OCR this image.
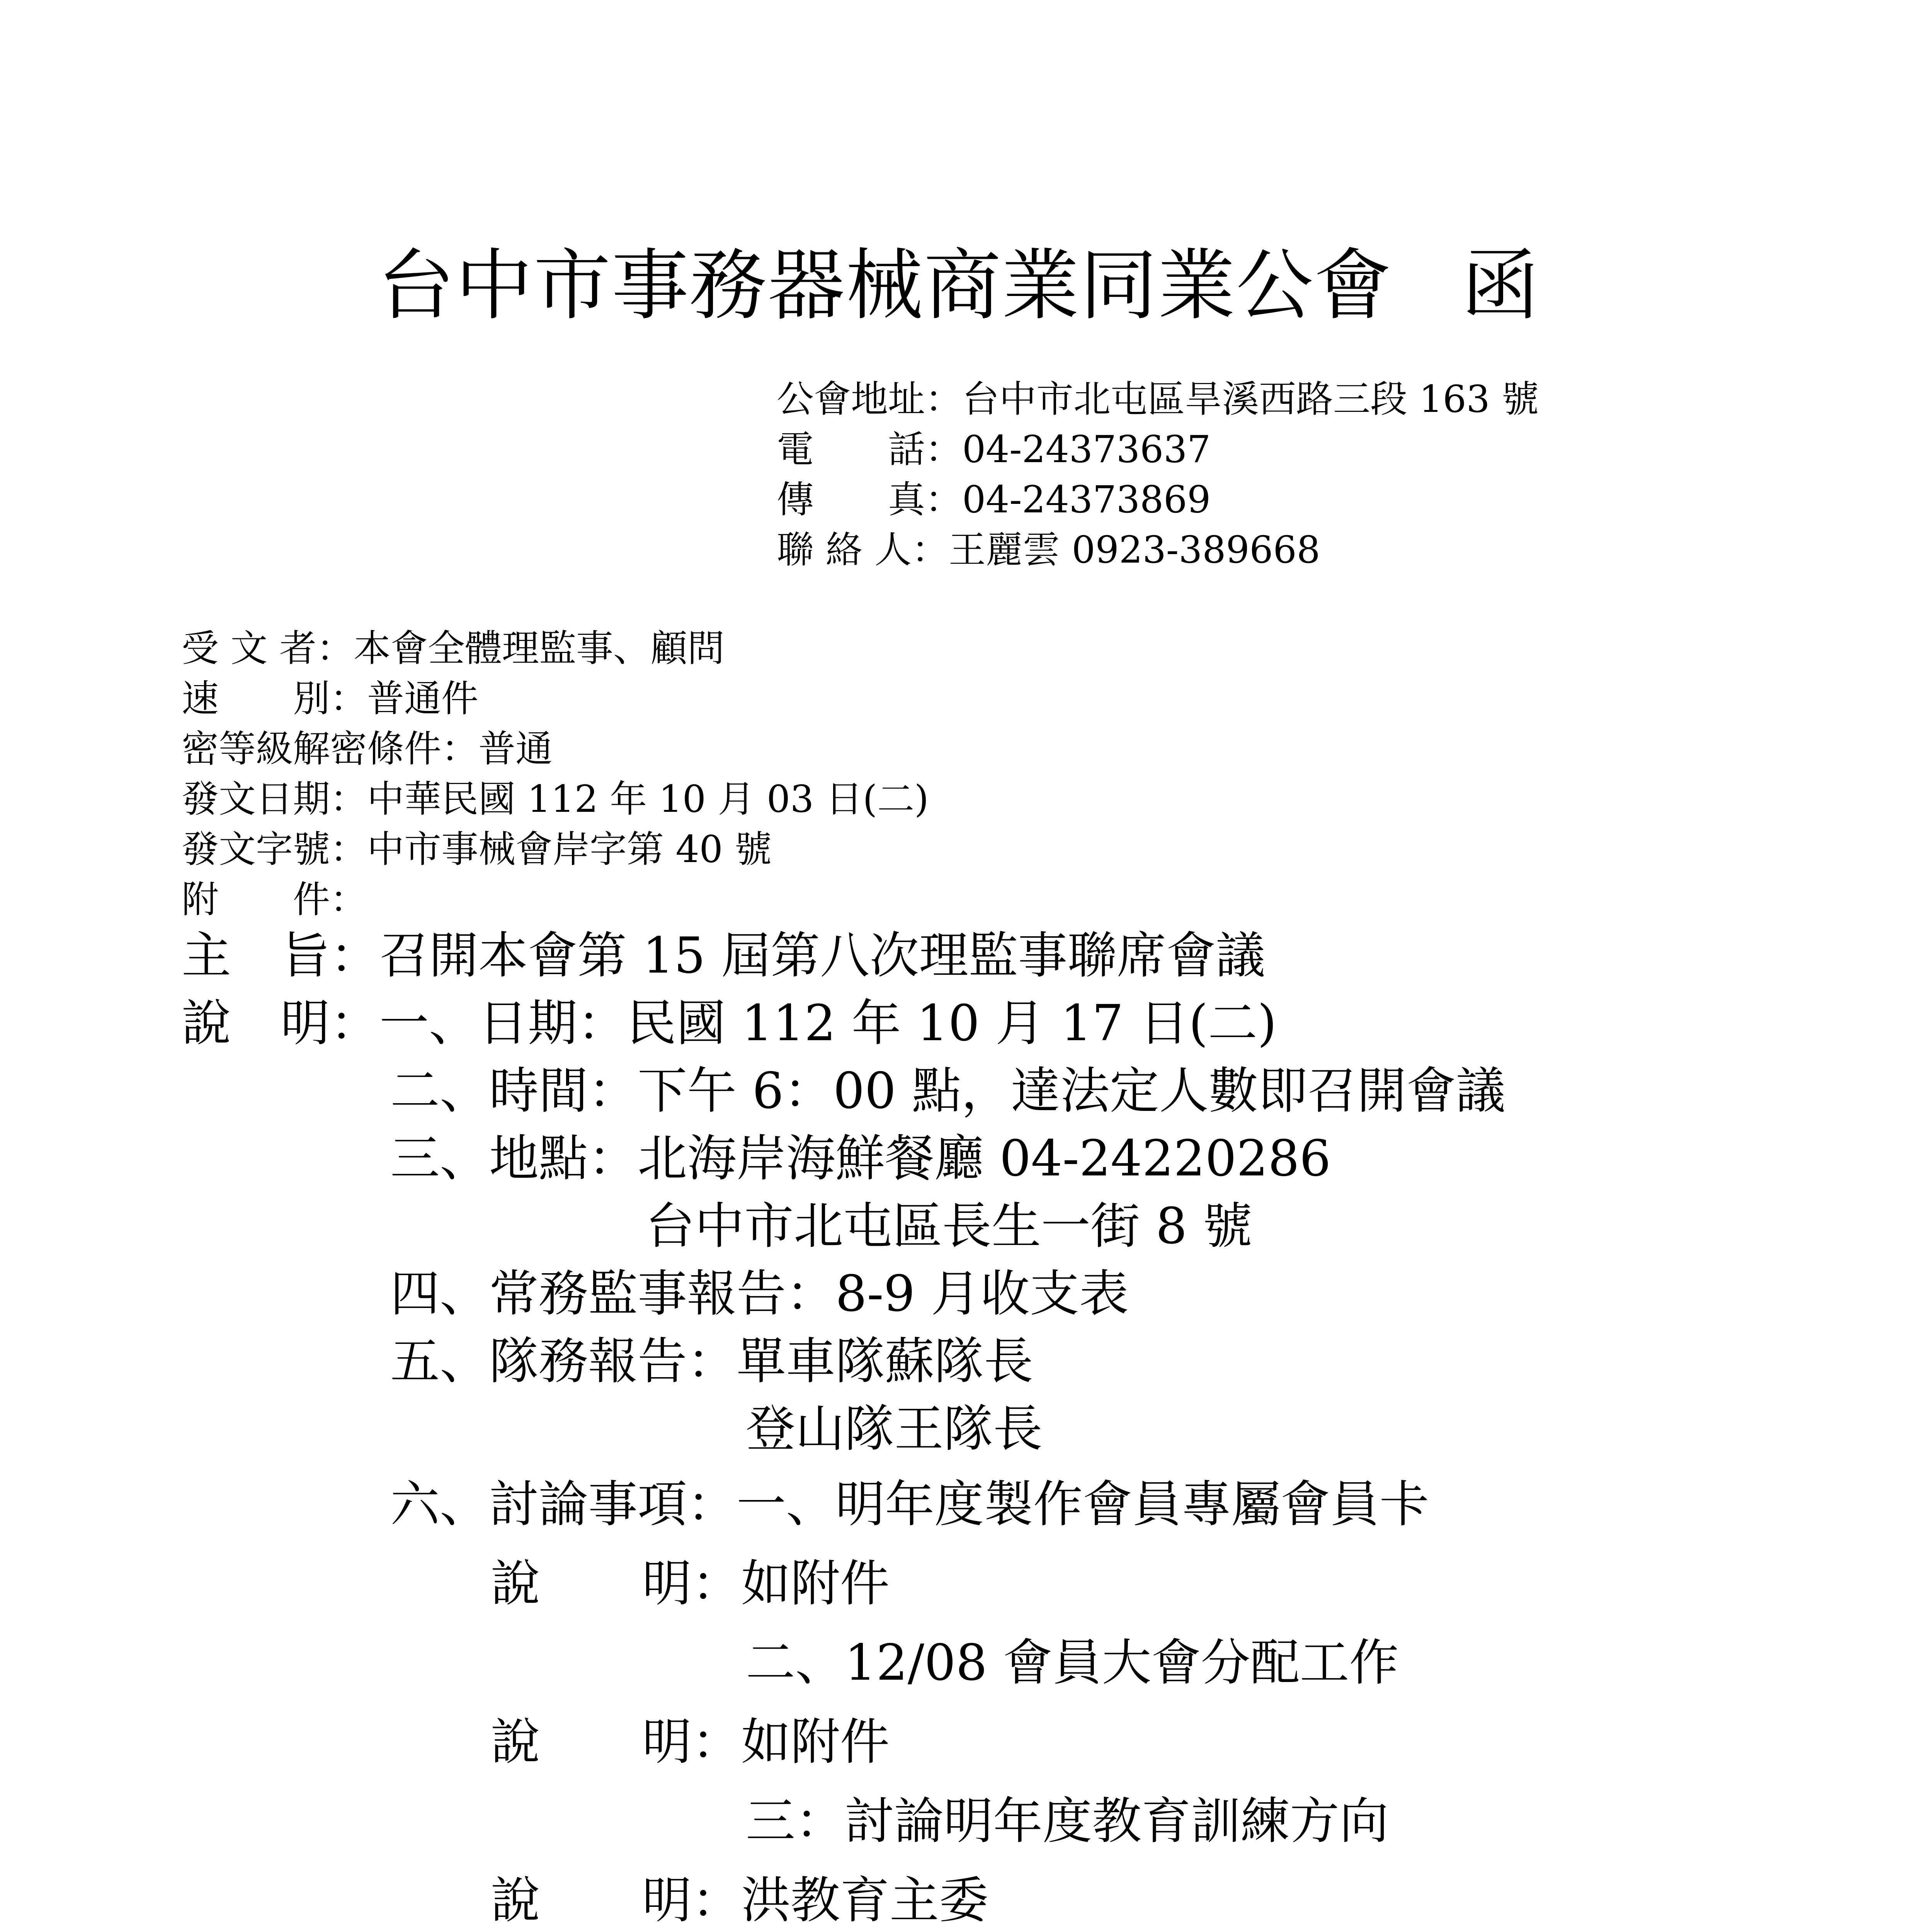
台中市事務器械商業同業公會 函
公會地址：台中市北屯區旱溪西路三段 163 號
電　　話：04-24373637
傳　　真：04-24373869
聯 絡 人：王麗雲 0923-389668
受 文 者：本會全體理監事、顧問
速　　別：普通件
密等級解密條件：普通
發文日期：中華民國 112 年 10 月 03 日(二)
發文字號：中市事械會岸字第 40 號
附　　件：
主　旨：召開本會第 15 屆第八次理監事聯席會議
說　明：一、日期：民國 112 年 10 月 17 日(二)
二、時間：下午 6：00 點，達法定人數即召開會議
三、地點：北海岸海鮮餐廳 04-24220286
台中市北屯區長生一街 8 號
四、常務監事報告：8-9 月收支表
五、隊務報告：單車隊蘇隊長
登山隊王隊長
六、討論事項：一、明年度製作會員專屬會員卡
說　　明：如附件
二、12/08 會員大會分配工作
說　　明：如附件
三：討論明年度教育訓練方向
說　　明：洪教育主委
